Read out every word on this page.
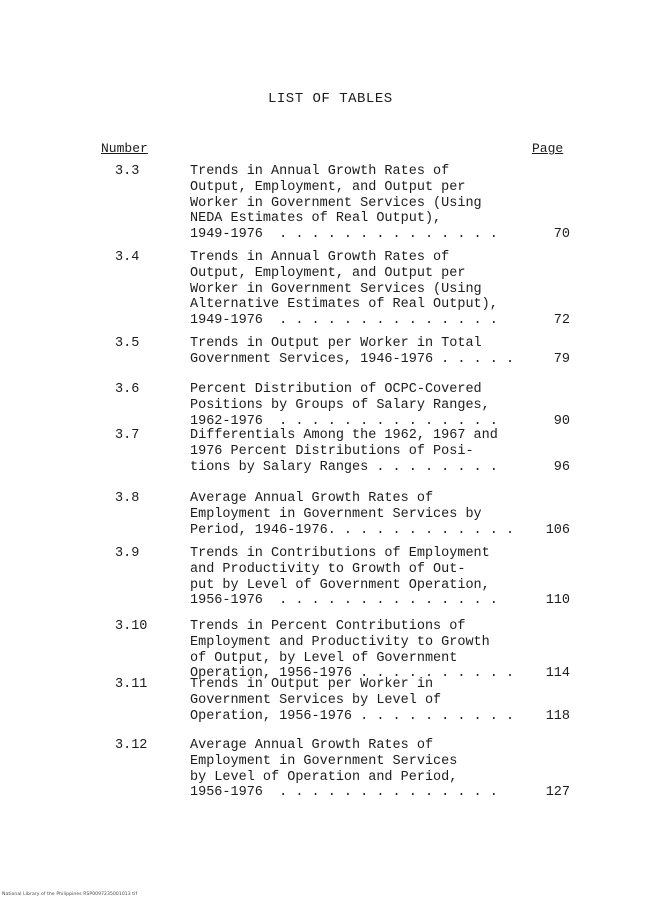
LIST OF TABLES
Number	Page
3.3	Trends in Annual Growth Rates of
Output, Employment, and Output per
Worker in Government Services (Using
NEDA Estimates of Real Output),
1949-1976  . . . . . . . . . . . . . .	70
3.4	Trends in Annual Growth Rates of
Output, Employment, and Output per
Worker in Government Services (Using
Alternative Estimates of Real Output),
1949-1976  . . . . . . . . . . . . . .	72
3.5	Trends in Output per Worker in Total
Government Services, 1946-1976 . . . . .	79
3.6	Percent Distribution of OCPC-Covered
Positions by Groups of Salary Ranges,
1962-1976  . . . . . . . . . . . . . .	90
3.7	Differentials Among the 1962, 1967 and
1976 Percent Distributions of Posi-
tions by Salary Ranges . . . . . . . .	96
3.8	Average Annual Growth Rates of
Employment in Government Services by
Period, 1946-1976. . . . . . . . . . . .	106
3.9	Trends in Contributions of Employment
and Productivity to Growth of Out-
put by Level of Government Operation,
1956-1976  . . . . . . . . . . . . . .	110
3.10	Trends in Percent Contributions of
Employment and Productivity to Growth
of Output, by Level of Government
Operation, 1956-1976 . . . . . . . . . .	114
3.11	Trends in Output per Worker in
Government Services by Level of
Operation, 1956-1976 . . . . . . . . . .	118
3.12	Average Annual Growth Rates of
Employment in Government Services
by Level of Operation and Period,
1956-1976  . . . . . . . . . . . . . .	127
National Library of the Philippines RSP0097235001013 tif
